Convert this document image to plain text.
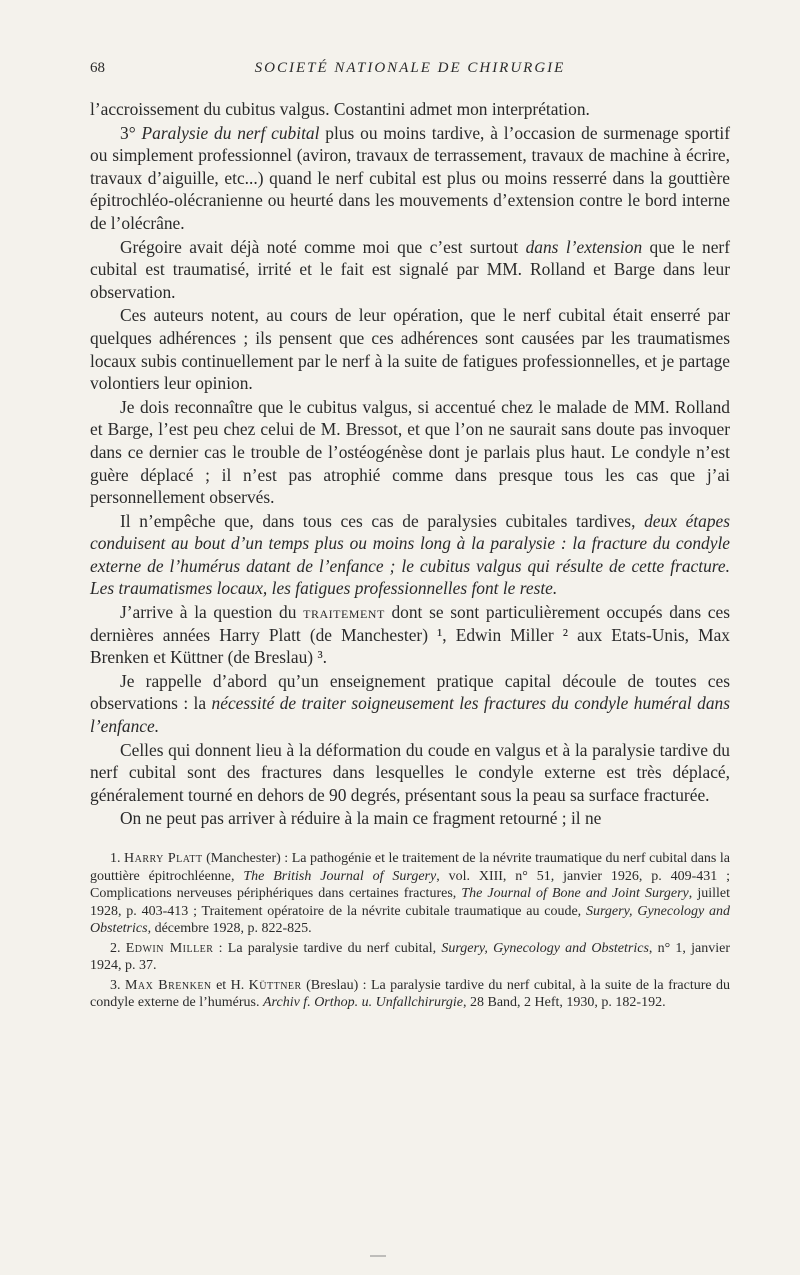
68	SOCIETÉ NATIONALE DE CHIRURGIE

l’accroissement du cubitus valgus. Costantini admet mon interprétation.

3° Paralysie du nerf cubital plus ou moins tardive, à l’occasion de surmenage sportif ou simplement professionnel (aviron, travaux de terrassement, travaux de machine à écrire, travaux d’aiguille, etc...) quand le nerf cubital est plus ou moins resserré dans la gouttière épitrochléo-olécranienne ou heurté dans les mouvements d’extension contre le bord interne de l’olécrâne.

Grégoire avait déjà noté comme moi que c’est surtout dans l’extension que le nerf cubital est traumatisé, irrité et le fait est signalé par MM. Rolland et Barge dans leur observation.

Ces auteurs notent, au cours de leur opération, que le nerf cubital était enserré par quelques adhérences ; ils pensent que ces adhérences sont causées par les traumatismes locaux subis continuellement par le nerf à la suite de fatigues professionnelles, et je partage volontiers leur opinion.

Je dois reconnaître que le cubitus valgus, si accentué chez le malade de MM. Rolland et Barge, l’est peu chez celui de M. Bressot, et que l’on ne saurait sans doute pas invoquer dans ce dernier cas le trouble de l’ostéogénèse dont je parlais plus haut. Le condyle n’est guère déplacé ; il n’est pas atrophié comme dans presque tous les cas que j’ai personnellement observés.

Il n’empêche que, dans tous ces cas de paralysies cubitales tardives, deux étapes conduisent au bout d’un temps plus ou moins long à la paralysie : la fracture du condyle externe de l’humérus datant de l’enfance ; le cubitus valgus qui résulte de cette fracture. Les traumatismes locaux, les fatigues professionnelles font le reste.

J’arrive à la question du traitement dont se sont particulièrement occupés dans ces dernières années Harry Platt (de Manchester) ¹, Edwin Miller ² aux Etats-Unis, Max Brenken et Küttner (de Breslau) ³.

Je rappelle d’abord qu’un enseignement pratique capital découle de toutes ces observations : la nécessité de traiter soigneusement les fractures du condyle huméral dans l’enfance.

Celles qui donnent lieu à la déformation du coude en valgus et à la paralysie tardive du nerf cubital sont des fractures dans lesquelles le condyle externe est très déplacé, généralement tourné en dehors de 90 degrés, présentant sous la peau sa surface fracturée.

On ne peut pas arriver à réduire à la main ce fragment retourné ; il ne

1. Harry Platt (Manchester) : La pathogénie et le traitement de la névrite traumatique du nerf cubital dans la gouttière épitrochléenne, The British Journal of Surgery, vol. XIII, n° 51, janvier 1926, p. 409-431 ; Complications nerveuses périphériques dans certaines fractures, The Journal of Bone and Joint Surgery, juillet 1928, p. 403-413 ; Traitement opératoire de la névrite cubitale traumatique au coude, Surgery, Gynecology and Obstetrics, décembre 1928, p. 822-825.

2. Edwin Miller : La paralysie tardive du nerf cubital, Surgery, Gynecology and Obstetrics, n° 1, janvier 1924, p. 37.

3. Max Brenken et H. Küttner (Breslau) : La paralysie tardive du nerf cubital, à la suite de la fracture du condyle externe de l’humérus. Archiv f. Orthop. u. Unfallchirurgie, 28 Band, 2 Heft, 1930, p. 182-192.
